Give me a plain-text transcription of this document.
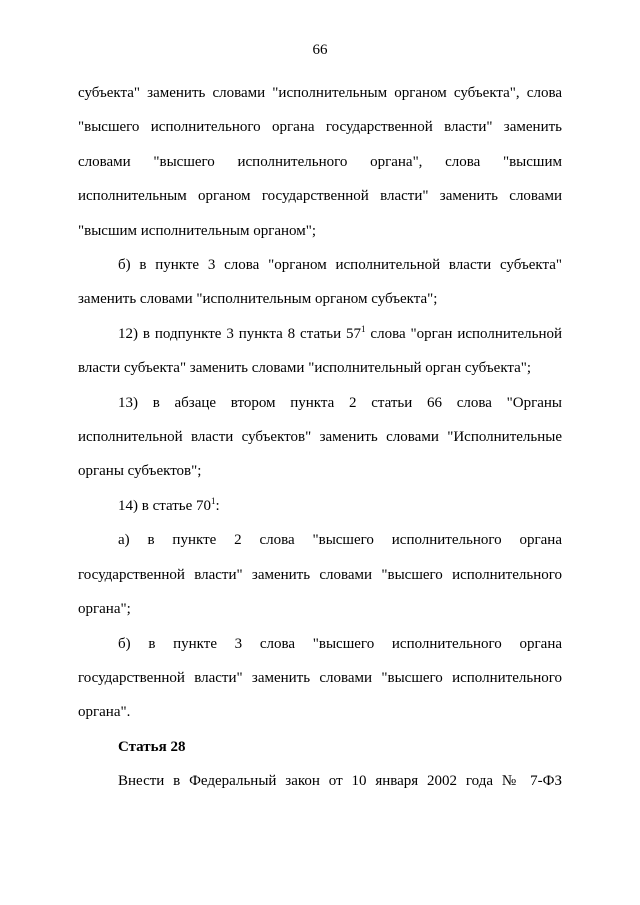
66

субъекта" заменить словами "исполнительным органом субъекта", слова "высшего исполнительного органа государственной власти" заменить словами "высшего исполнительного органа", слова "высшим исполнительным органом государственной власти" заменить словами "высшим исполнительным органом";

б) в пункте 3 слова "органом исполнительной власти субъекта" заменить словами "исполнительным органом субъекта";

12) в подпункте 3 пункта 8 статьи $57^1$ слова "орган исполнительной власти субъекта" заменить словами "исполнительный орган субъекта";

13) в абзаце втором пункта 2 статьи 66 слова "Органы исполнительной власти субъектов" заменить словами "Исполнительные органы субъектов";

14) в статье $70^1$:

а) в пункте 2 слова "высшего исполнительного органа государственной власти" заменить словами "высшего исполнительного органа";

б) в пункте 3 слова "высшего исполнительного органа государственной власти" заменить словами "высшего исполнительного органа".

Статья 28

Внести в Федеральный закон от 10 января 2002 года № 7-ФЗ
